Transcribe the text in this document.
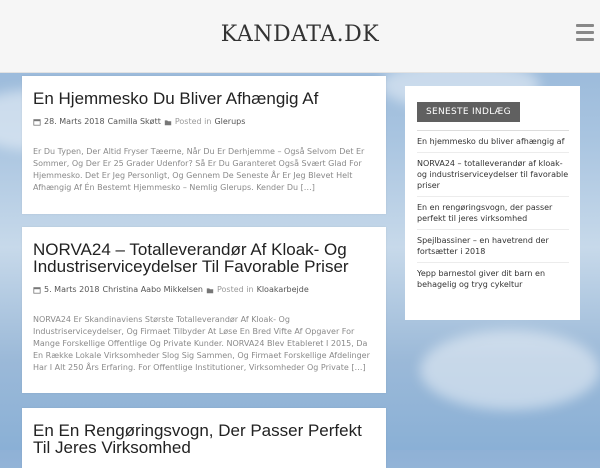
KANDATA.DK
En Hjemmesko Du Bliver Afhængig Af
28. Marts 2018 Camilla Skøtt Posted in Glerups

Er Du Typen, Der Altid Fryser Tæerne, Når Du Er Derhjemme – Også Selvom Det Er Sommer, Og Der Er 25 Grader Udenfor? Så Er Du Garanteret Også Svært Glad For Hjemmesko. Det Er Jeg Personligt, Og Gennem De Seneste År Er Jeg Blevet Helt Afhængig Af Én Bestemt Hjemmesko – Nemlig Glerups. Kender Du […]

NORVA24 – Totalleverandør Af Kloak- Og Industriserviceydelser Til Favorable Priser
5. Marts 2018 Christina Aabo Mikkelsen Posted in Kloakarbejde

NORVA24 Er Skandinaviens Største Totalleverandør Af Kloak- Og Industriserviceydelser, Og Firmaet Tilbyder At Løse En Bred Vifte Af Opgaver For Mange Forskellige Offentlige Og Private Kunder. NORVA24 Blev Etableret I 2015, Da En Række Lokale Virksomheder Slog Sig Sammen, Og Firmaet Forskellige Afdelinger Har I Alt 250 Års Erfaring. For Offentlige Institutioner, Virksomheder Og Private […]

En En Rengøringsvogn, Der Passer Perfekt Til Jeres Virksomhed
SENESTE INDLÆG
En hjemmesko du bliver afhængig af
NORVA24 – totalleverandør af kloak- og industriserviceydelser til favorable priser
En en rengøringsvogn, der passer perfekt til jeres virksomhed
Spejlbassiner – en havetrend der fortsætter i 2018
Yepp barnestol giver dit barn en behagelig og tryg cykeltur
